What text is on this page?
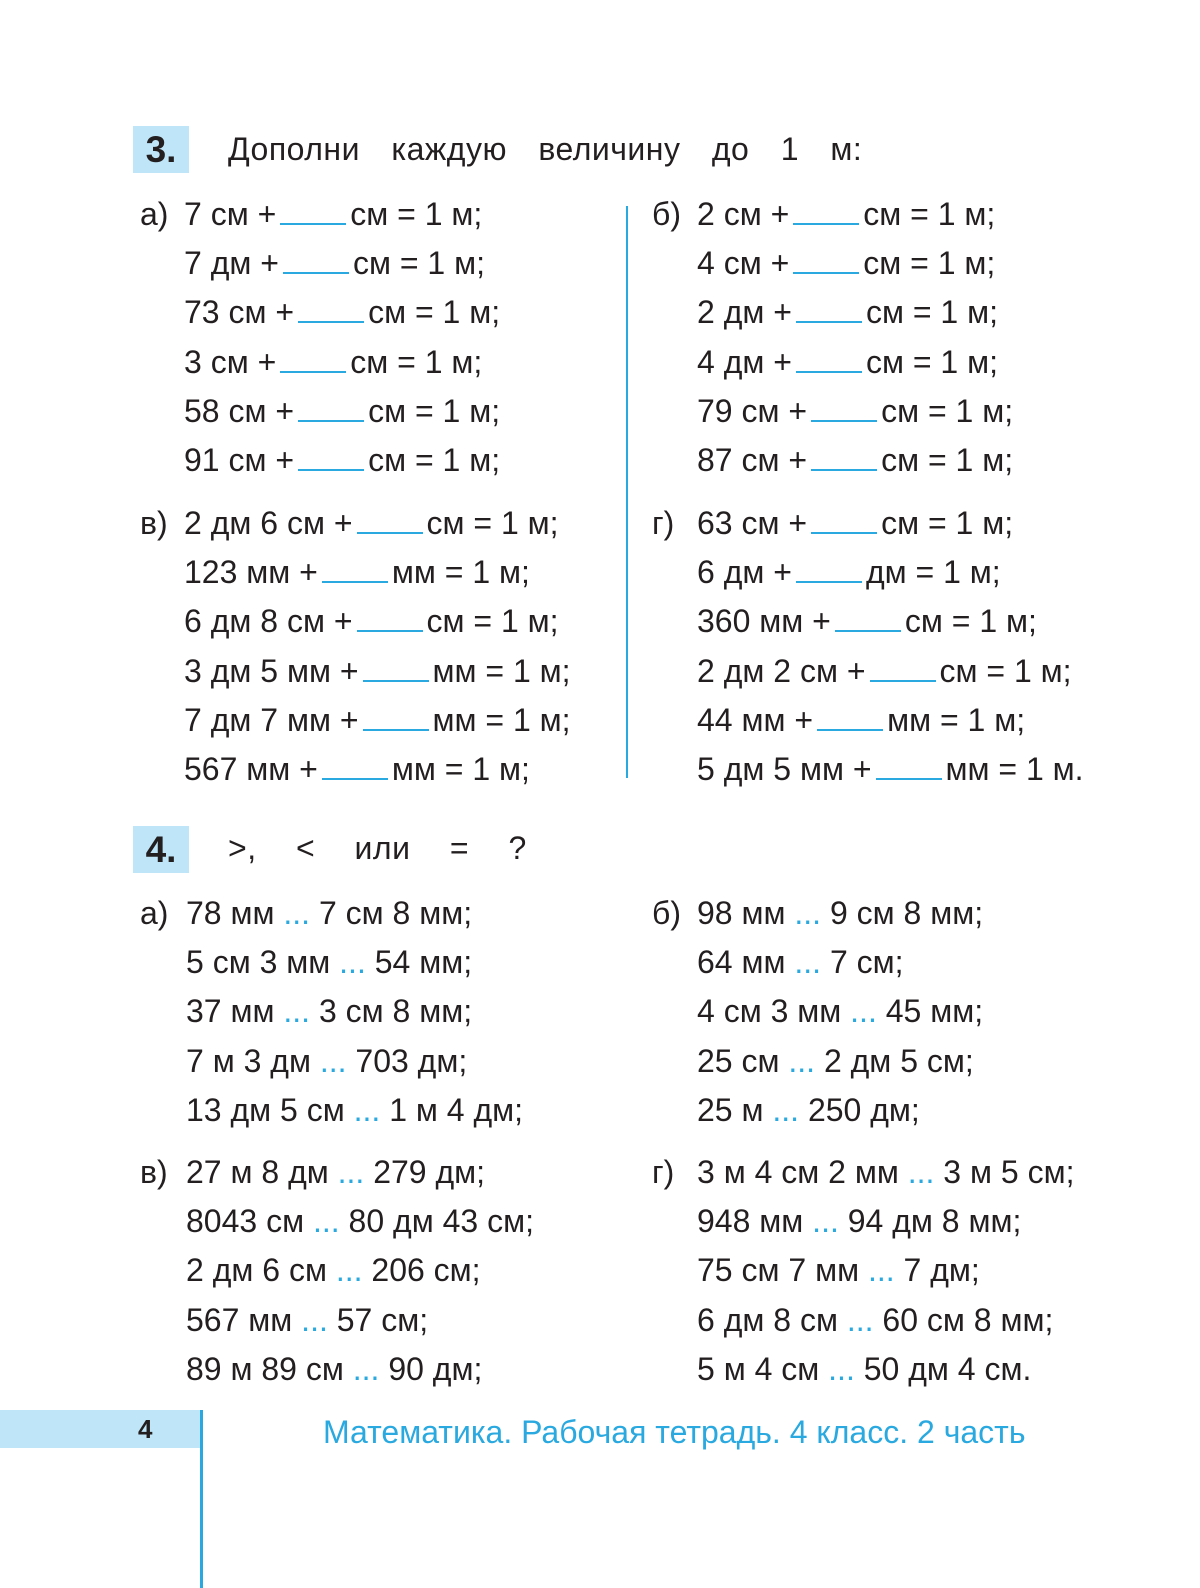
3.	Дополни каждую величину до 1 м:
а) 7 см + см = 1 м;
7 дм + см = 1 м;
73 см + см = 1 м;
3 см + см = 1 м;
58 см + см = 1 м;
91 см + см = 1 м;
б) 2 см + см = 1 м;
4 см + см = 1 м;
2 дм + см = 1 м;
4 дм + см = 1 м;
79 см + см = 1 м;
87 см + см = 1 м;
в) 2 дм 6 см + см = 1 м;
123 мм + мм = 1 м;
6 дм 8 см + см = 1 м;
3 дм 5 мм + мм = 1 м;
7 дм 7 мм + мм = 1 м;
567 мм + мм = 1 м;
г) 63 см + см = 1 м;
6 дм + дм = 1 м;
360 мм + см = 1 м;
2 дм 2 см + см = 1 м;
44 мм + мм = 1 м;
5 дм 5 мм + мм = 1 м.
4.	>, < или = ?
а) 78 мм ... 7 см 8 мм;
5 см 3 мм ... 54 мм;
37 мм ... 3 см 8 мм;
7 м 3 дм ... 703 дм;
13 дм 5 см ... 1 м 4 дм;
б) 98 мм ... 9 см 8 мм;
64 мм ... 7 см;
4 см 3 мм ... 45 мм;
25 см ... 2 дм 5 см;
25 м ... 250 дм;
в) 27 м 8 дм ... 279 дм;
8043 см ... 80 дм 43 см;
2 дм 6 см ... 206 см;
567 мм ... 57 см;
89 м 89 см ... 90 дм;
г) 3 м 4 см 2 мм ... 3 м 5 см;
948 мм ... 94 дм 8 мм;
75 см 7 мм ... 7 дм;
6 дм 8 см ... 60 см 8 мм;
5 м 4 см ... 50 дм 4 см.
4	Математика. Рабочая тетрадь. 4 класс. 2 часть
